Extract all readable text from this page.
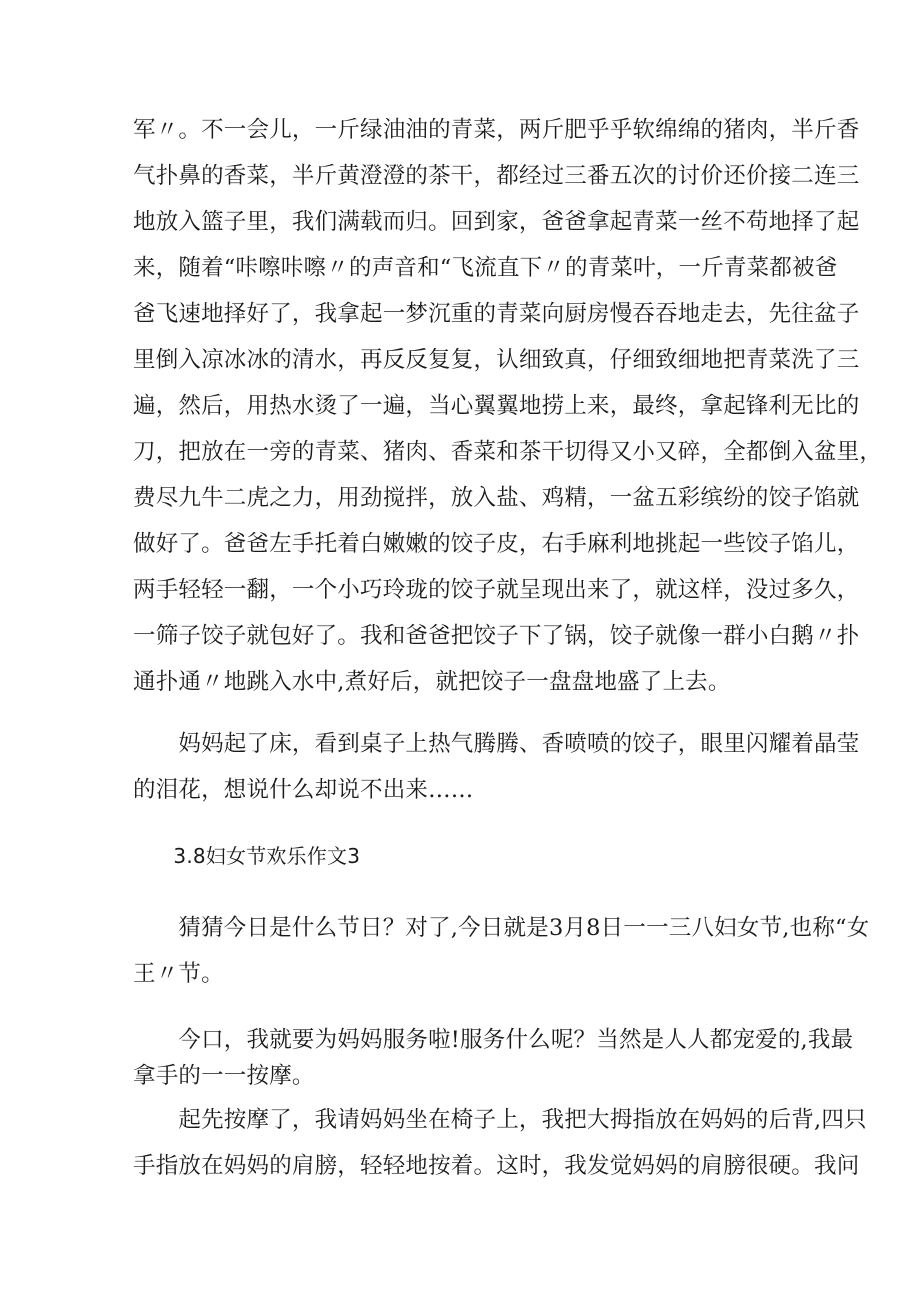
军〃。不一会儿，一斤绿油油的青菜，两斤肥乎乎软绵绵的猪肉，半斤香
气扑鼻的香菜，半斤黄澄澄的茶干，都经过三番五次的讨价还价接二连三
地放入篮子里，我们满载而归。回到家，爸爸拿起青菜一丝不苟地择了起
来，随着“咔嚓咔嚓〃的声音和“飞流直下〃的青菜叶，一斤青菜都被爸
爸飞速地择好了，我拿起一梦沉重的青菜向厨房慢吞吞地走去，先往盆子
里倒入凉冰冰的清水，再反反复复，认细致真，仔细致细地把青菜洗了三
遍，然后，用热水烫了一遍，当心翼翼地捞上来，最终，拿起锋利无比的
刀，把放在一旁的青菜、猪肉、香菜和茶干切得又小又碎，全都倒入盆里，
费尽九牛二虎之力，用劲搅拌，放入盐、鸡精，一盆五彩缤纷的饺子馅就
做好了。爸爸左手托着白嫩嫩的饺子皮，右手麻利地挑起一些饺子馅儿，
两手轻轻一翻，一个小巧玲珑的饺子就呈现出来了，就这样，没过多久，
一筛子饺子就包好了。我和爸爸把饺子下了锅，饺子就像一群小白鹅〃扑
通扑通〃地跳入水中,煮好后，就把饺子一盘盘地盛了上去。
　　妈妈起了床，看到桌子上热气腾腾、香喷喷的饺子，眼里闪耀着晶莹
的泪花，想说什么却说不出来……
　　3.8妇女节欢乐作文3
　　猜猜今日是什么节日？对了,今日就是3月8日一一三八妇女节,也称“女
王〃节。
　　今口，我就要为妈妈服务啦!服务什么呢？当然是人人都宠爱的,我最
拿手的一一按摩。
　　起先按摩了，我请妈妈坐在椅子上，我把大拇指放在妈妈的后背,四只
手指放在妈妈的肩膀，轻轻地按着。这时，我发觉妈妈的肩膀很硬。我问
